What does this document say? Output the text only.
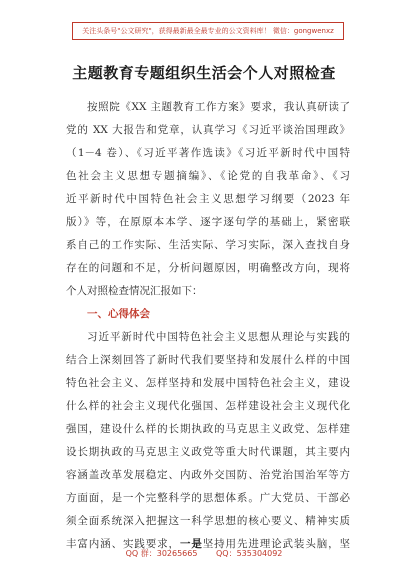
关注头条号"公文研究"，获得最新最全最专业的公文资料库！ 微信：gongwenxz
主题教育专题组织生活会个人对照检查
按照院《XX 主题教育工作方案》要求，我认真研读了
党的 XX 大报告和党章，认真学习《习近平谈治国理政》
（1－4 卷）、《习近平著作选读》《习近平新时代中国特
色社会主义思想专题摘编》、《论党的自我革命》、《习
近平新时代中国特色社会主义思想学习纲要（2023 年
版）》等，在原原本本学、逐字逐句学的基础上，紧密联
系自己的工作实际、生活实际、学习实际，深入查找自身
存在的问题和不足，分析问题原因，明确整改方向，现将
个人对照检查情况汇报如下：
一、心得体会
习近平新时代中国特色社会主义思想从理论与实践的
结合上深刻回答了新时代我们要坚持和发展什么样的中国
特色社会主义、怎样坚持和发展中国特色社会主义，建设
什么样的社会主义现代化强国、怎样建设社会主义现代化
强国，建设什么样的长期执政的马克思主义政党、怎样建
设长期执政的马克思主义政党等重大时代课题，其主要内
容涵盖改革发展稳定、内政外交国防、治党治国治军等方
方面面，是一个完整科学的思想体系。广大党员、干部必
须全面系统深入把握这一科学思想的核心要义、精神实质
丰富内涵、实践要求，一是坚持用先进理论武装头脑，坚
QQ 群：30265665 QQ：535304092
